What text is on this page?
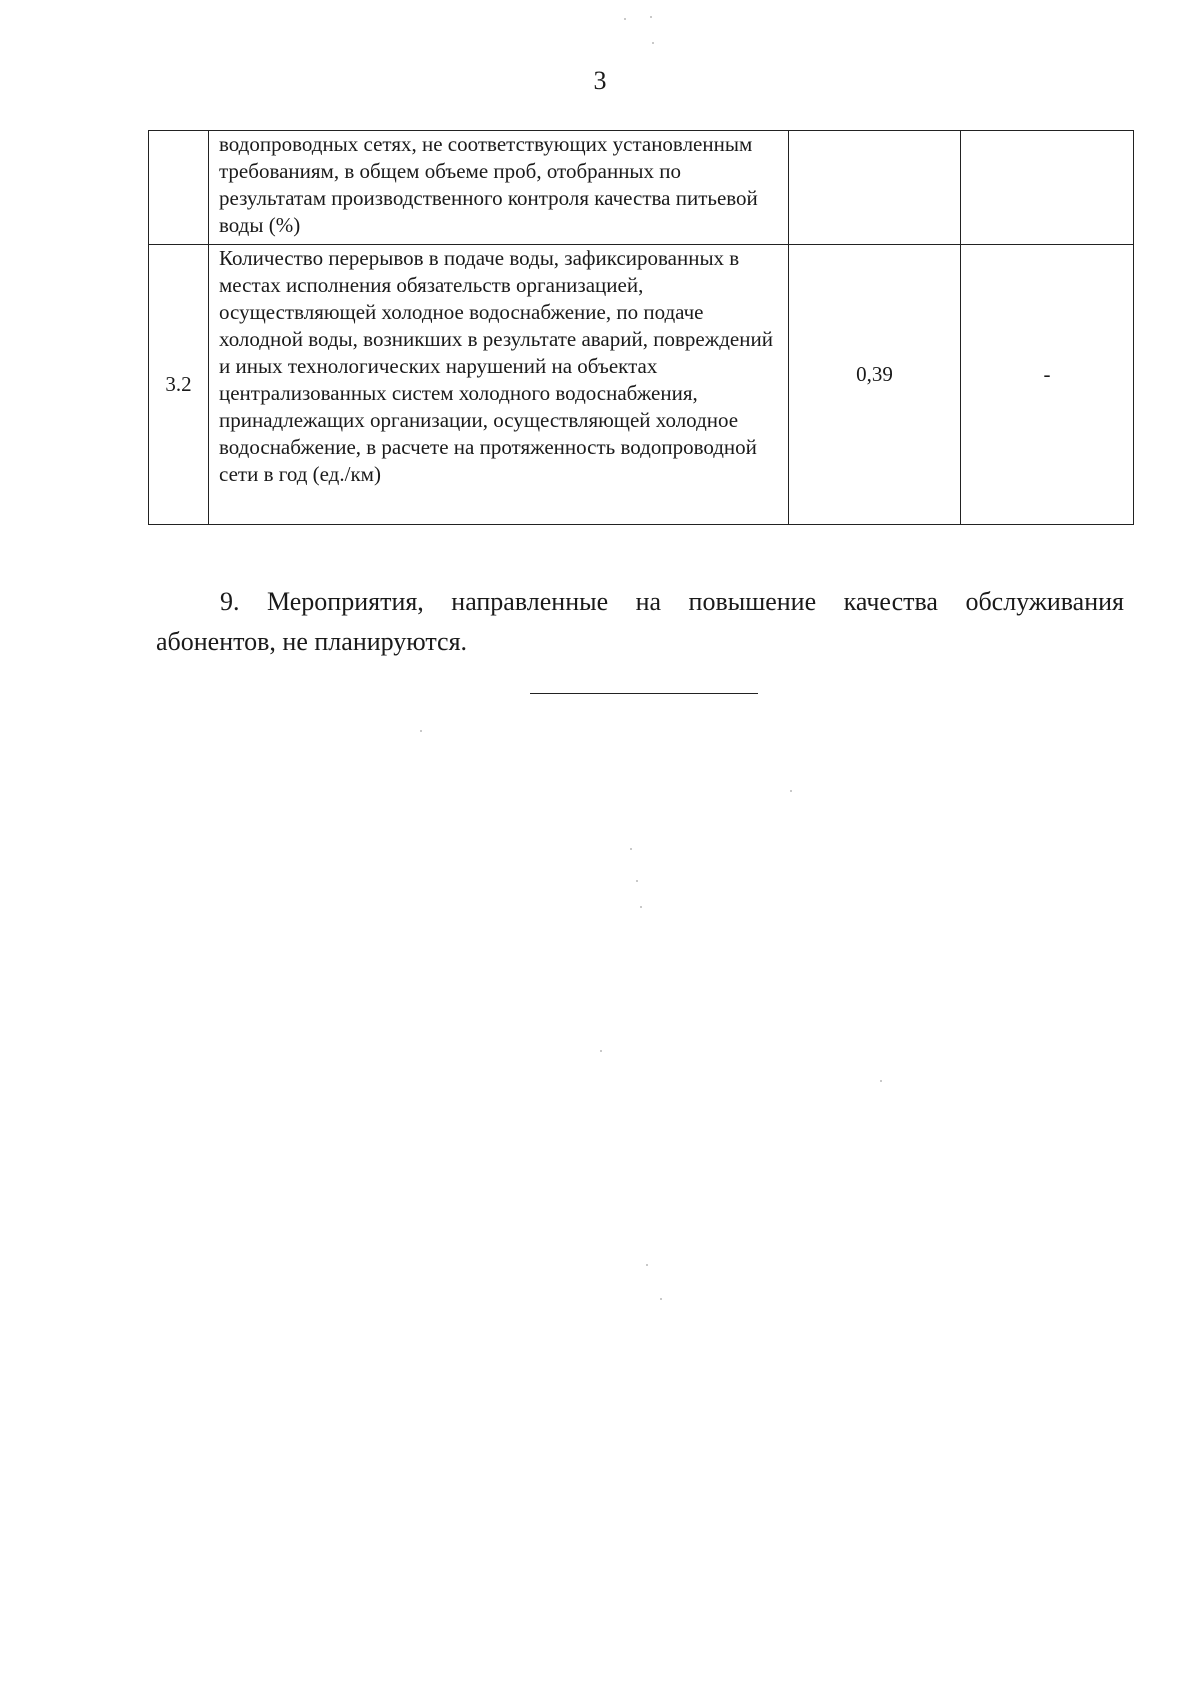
3
	водопроводных сетях, не соответствующих установленным требованиям, в общем объеме проб, отобранных по результатам производственного контроля качества питьевой воды (%)		
3.2	Количество перерывов в подаче воды, зафиксированных в местах исполнения обязательств организацией, осуществляющей холодное водоснабжение, по подаче холодной воды, возникших в результате аварий, повреждений и иных технологических нарушений на объектах централизованных систем холодного водоснабжения, принадлежащих организации, осуществляющей холодное водоснабжение, в расчете на протяженность водопроводной сети в год (ед./км)	0,39	-

9. Мероприятия, направленные на повышение качества обслуживания абонентов, не планируются.
